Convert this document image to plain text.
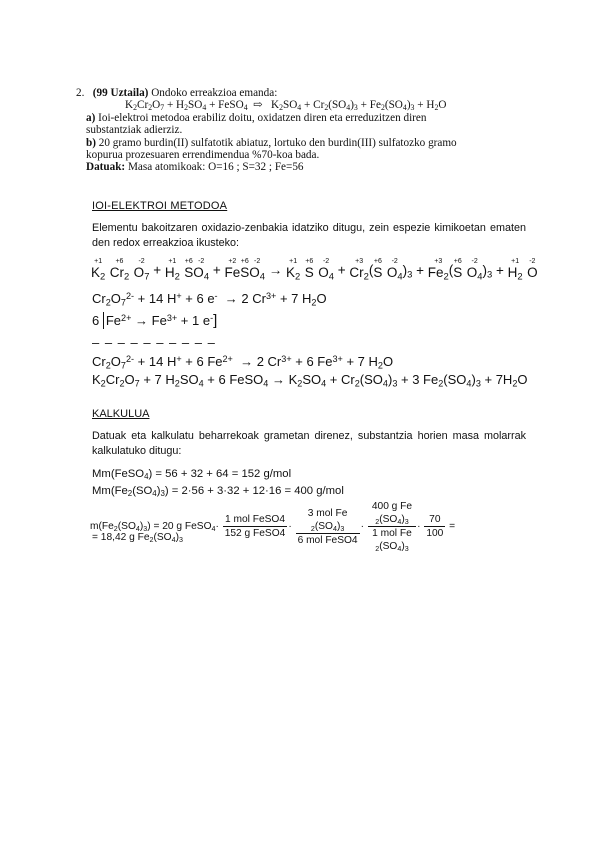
2. (99 Uztaila) Ondoko erreakzioa emanda:
$K_2Cr_2O_7 + H_2SO_4$ + FeSO$_4$ ⇨   $K_2SO_4 + Cr_2(SO_4)_3 + Fe_2(SO_4)_3 + H_2O$
a) Ioi-elektroi metodoa erabiliz doitu, oxidatzen diren eta erreduzitzen diren substantziak adierziz.
b) 20 gramo burdin(II) sulfatotik abiatuz, lortuko den burdin(III) sulfatozko gramo kopurua prozesuaren errendimendua %70-koa bada.
Datuak: Masa atomikoak: O=16 ; S=32 ; Fe=56
IOI-ELEKTROI METODOA
Elementu bakoitzaren oxidazio-zenbakia idatziko ditugu, zein espezie kimikoetan ematen den redox erreakzioa ikusteko:
+1
$K_2$

+6
$Cr_2$

-2
$O_7$ +
+1
$H_2$

+6
S
-2
$O_4$ +
+2
Fe
+6
S
-2
$O_4$ →
+1
$K_2$

+6
S

-2
$O_4$ +
+3
$Cr_2$ (
+6
S

-2
$O_4$ )$_3$ +
+3
$Fe_2$ (
+6
S

-2
$O_4$ )$_3$ +
+1
$H_2$

-2
O
$Cr_2O_7^{2-} + 14$ H+ + 6 e-  → 2 $Cr^{3+} + 7$ $H_2O$
6 $Fe^{2+} \to Fe^{3+} + 1$ e-]
– – – – – – – – – –
$Cr_2O_7^{2-} + 14$ H+ + 6 $Fe^{2+} \to 2$ $Cr^{3+} + 6$ $Fe^{3+} + 7$ $H_2O$
$K_2Cr_2O_7 + 7$ $H_2SO_4 + 6$ FeSO$_4$ → $K_2SO_4 + Cr_2(SO_4)_3 + 3$ $Fe_2(SO_4)_3 + 7H_2O$
KALKULUA
Datuak eta kalkulatu beharrekoak grametan direnez, substantzia horien masa molarrak kalkulatuko ditugu:
Mm(FeSO$_4$) = 56 + 32 + 64 = 152 g/mol
$Mm(Fe_2(SO_4)_3) = 2\cdot 56 + 3\cdot 32 + 12\cdot 16 = 400$ g/mol
$m(Fe_2(SO_4)_3) = 20$ g FeSO$_4$· $\frac{\text{1 mol FeSO4}}{\text{152 g FeSO4}} \cdot 3$ mol Fe
$_2(SO_4)_3$
6 mol FeSO4 · 400 g Fe
$_2(SO_4)_3$
1 mol Fe
$_2(SO_4)_3 \cdot \frac{70}{100}$ =
= 18,42 g $Fe_2(SO_4)_3$
